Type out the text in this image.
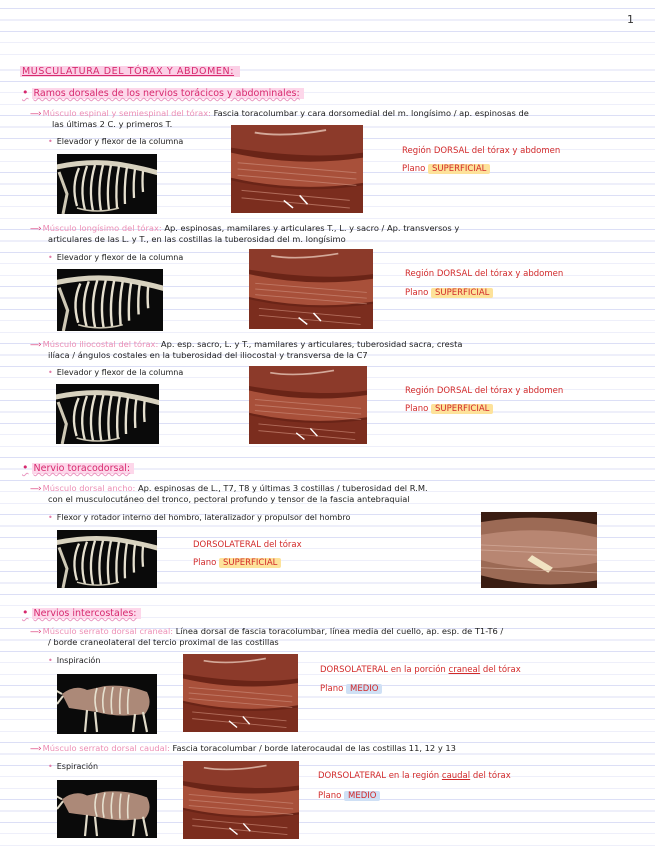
1
MUSCULATURA DEL TÓRAX Y ABDOMEN:
• Ramos dorsales de los nervios torácicos y abdominales:
—› Músculo espinal y semiespinal del tórax: Fascia toracolumbar y cara dorsomedial del m. longísimo / ap. espinosas de
las últimas 2 C. y primeros T.
• Elevador y flexor de la columna
Región DORSAL del tórax y abdomen
Plano SUPERFICIAL
—› Músculo longísimo del tórax: Ap. espinosas, mamilares y articulares T., L. y sacro / Ap. transversos y
articulares de las L. y T., en las costillas la tuberosidad del m. longísimo
• Elevador y flexor de la columna
Región DORSAL del tórax y abdomen
Plano SUPERFICIAL
—› Músculo iliocostal del tórax: Ap. esp. sacro, L. y T., mamilares y articulares, tuberosidad sacra, cresta
ilíaca / ángulos costales en la tuberosidad del iliocostal y transversa de la C7
• Elevador y flexor de la columna
Región DORSAL del tórax y abdomen
Plano SUPERFICIAL
• Nervio toracodorsal:
—› Músculo dorsal ancho: Ap. espinosas de L., T7, T8 y últimas 3 costillas / tuberosidad del R.M.
con el musculocutáneo del tronco, pectoral profundo y tensor de la fascia antebraquial
• Flexor y rotador interno del hombro, lateralizador y propulsor del hombro
DORSOLATERAL del tórax
Plano SUPERFICIAL
• Nervios intercostales:
—› Músculo serrato dorsal craneal: Línea dorsal de fascia toracolumbar, línea media del cuello, ap. esp. de T1-T6 /
/ borde craneolateral del tercio proximal de las costillas
• Inspiración
DORSOLATERAL en la porción craneal del tórax
Plano MEDIO
—› Músculo serrato dorsal caudal: Fascia toracolumbar / borde laterocaudal de las costillas 11, 12 y 13
• Espiración
DORSOLATERAL en la región caudal del tórax
Plano MEDIO
